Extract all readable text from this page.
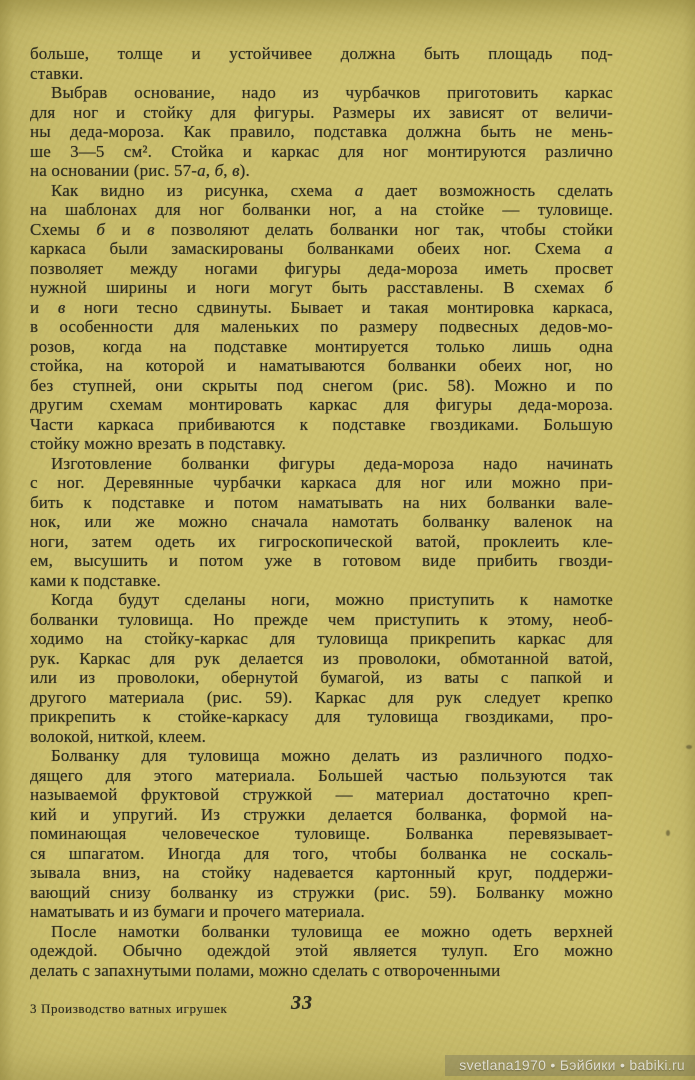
больше, толще и устойчивее должна быть площадь под-
ставки.
Выбрав основание, надо из чурбачков приготовить каркас
для ног и стойку для фигуры. Размеры их зависят от величи-
ны деда-мороза. Как правило, подставка должна быть не мень-
ше 3—5 см². Стойка и каркас для ног монтируются различно
на основании (рис. 57-а, б, в).
Как видно из рисунка, схема а дает возможность сделать
на шаблонах для ног болванки ног, а на стойке — туловище.
Схемы б и в позволяют делать болванки ног так, чтобы стойки
каркаса были замаскированы болванками обеих ног. Схема а
позволяет между ногами фигуры деда-мороза иметь просвет
нужной ширины и ноги могут быть расставлены. В схемах б
и в ноги тесно сдвинуты. Бывает и такая монтировка каркаса,
в особенности для маленьких по размеру подвесных дедов-мо-
розов, когда на подставке монтируется только лишь одна
стойка, на которой и наматываются болванки обеих ног, но
без ступней, они скрыты под снегом (рис. 58). Можно и по
другим схемам монтировать каркас для фигуры деда-мороза.
Части каркаса прибиваются к подставке гвоздиками. Большую
стойку можно врезать в подставку.
Изготовление болванки фигуры деда-мороза надо начинать
с ног. Деревянные чурбачки каркаса для ног или можно при-
бить к подставке и потом наматывать на них болванки вале-
нок, или же можно сначала намотать болванку валенок на
ноги, затем одеть их гигроскопической ватой, проклеить кле-
ем, высушить и потом уже в готовом виде прибить гвозди-
ками к подставке.
Когда будут сделаны ноги, можно приступить к намотке
болванки туловища. Но прежде чем приступить к этому, необ-
ходимо на стойку-каркас для туловища прикрепить каркас для
рук. Каркас для рук делается из проволоки, обмотанной ватой,
или из проволоки, обернутой бумагой, из ваты с папкой и
другого материала (рис. 59). Каркас для рук следует крепко
прикрепить к стойке-каркасу для туловища гвоздиками, про-
волокой, ниткой, клеем.
Болванку для туловища можно делать из различного подхо-
дящего для этого материала. Большей частью пользуются так
называемой фруктовой стружкой — материал достаточно креп-
кий и упругий. Из стружки делается болванка, формой на-
поминающая человеческое туловище. Болванка перевязывает-
ся шпагатом. Иногда для того, чтобы болванка не соскаль-
зывала вниз, на стойку надевается картонный круг, поддержи-
вающий снизу болванку из стружки (рис. 59). Болванку можно
наматывать и из бумаги и прочего материала.
После намотки болванки туловища ее можно одеть верхней
одеждой. Обычно одеждой этой является тулуп. Его можно
делать с запахнутыми полами, можно сделать с отвороченными
3 Производство ватных игрушек	33
svetlana1970 • Бэйбики • babiki.ru
